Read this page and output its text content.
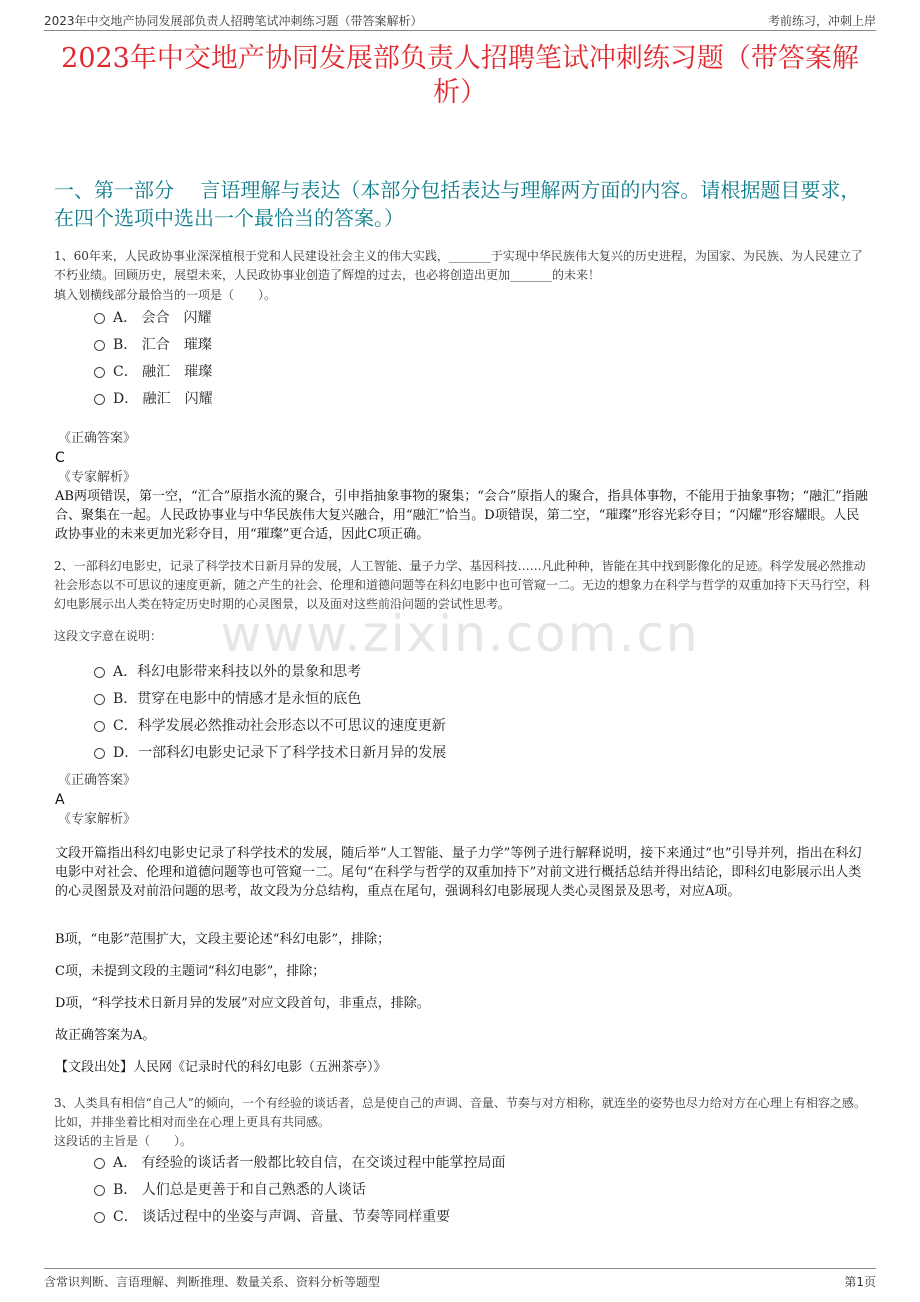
2023年中交地产协同发展部负责人招聘笔试冲刺练习题（带答案解析）	考前练习，冲刺上岸
2023年中交地产协同发展部负责人招聘笔试冲刺练习题（带答案解析）
一、第一部分　 言语理解与表达（本部分包括表达与理解两方面的内容。请根据题目要求，在四个选项中选出一个最恰当的答案。）
1、60年来，人民政协事业深深植根于党和人民建设社会主义的伟大实践，_______于实现中华民族伟大复兴的历史进程，为国家、为民族、为人民建立了不朽业绩。回顾历史，展望未来，人民政协事业创造了辉煌的过去，也必将创造出更加_______的未来！
填入划横线部分最恰当的一项是（　　）。
A． 会合　闪耀
B． 汇合　璀璨
C． 融汇　璀璨
D． 融汇　闪耀
《正确答案》
C
《专家解析》
AB两项错误，第一空，“汇合”原指水流的聚合，引申指抽象事物的聚集；“会合”原指人的聚合，指具体事物，不能用于抽象事物；“融汇”指融合、聚集在一起。人民政协事业与中华民族伟大复兴融合，用“融汇”恰当。D项错误，第二空，“璀璨”形容光彩夺目；“闪耀”形容耀眼。人民政协事业的未来更加光彩夺目，用“璀璨”更合适，因此C项正确。
2、一部科幻电影史，记录了科学技术日新月异的发展，人工智能、量子力学、基因科技……凡此种种，皆能在其中找到影像化的足迹。科学发展必然推动社会形态以不可思议的速度更新，随之产生的社会、伦理和道德问题等在科幻电影中也可管窥一二。无边的想象力在科学与哲学的双重加持下天马行空，科幻电影展示出人类在特定历史时期的心灵图景，以及面对这些前沿问题的尝试性思考。
www.zixin.com.cn
这段文字意在说明：
A．科幻电影带来科技以外的景象和思考
B．贯穿在电影中的情感才是永恒的底色
C．科学发展必然推动社会形态以不可思议的速度更新
D．一部科幻电影史记录下了科学技术日新月异的发展
《正确答案》
A
《专家解析》
文段开篇指出科幻电影史记录了科学技术的发展，随后举“人工智能、量子力学”等例子进行解释说明，接下来通过“也”引导并列，指出在科幻电影中对社会、伦理和道德问题等也可管窥一二。尾句“在科学与哲学的双重加持下”对前文进行概括总结并得出结论，即科幻电影展示出人类的心灵图景及对前沿问题的思考，故文段为分总结构，重点在尾句，强调科幻电影展现人类心灵图景及思考，对应A项。
B项，“电影”范围扩大，文段主要论述“科幻电影”，排除；
C项，未提到文段的主题词“科幻电影”，排除；
D项，“科学技术日新月异的发展”对应文段首句，非重点，排除。
故正确答案为A。
【文段出处】人民网《记录时代的科幻电影（五洲茶亭）》
3、人类具有相信“自己人”的倾向，一个有经验的谈话者，总是使自己的声调、音量、节奏与对方相称，就连坐的姿势也尽力给对方在心理上有相容之感。比如，并排坐着比相对而坐在心理上更具有共同感。
这段话的主旨是（　　）。
A． 有经验的谈话者一般都比较自信，在交谈过程中能掌控局面
B． 人们总是更善于和自己熟悉的人谈话
C． 谈话过程中的坐姿与声调、音量、节奏等同样重要
含常识判断、言语理解、判断推理、数量关系、资料分析等题型	第1页
